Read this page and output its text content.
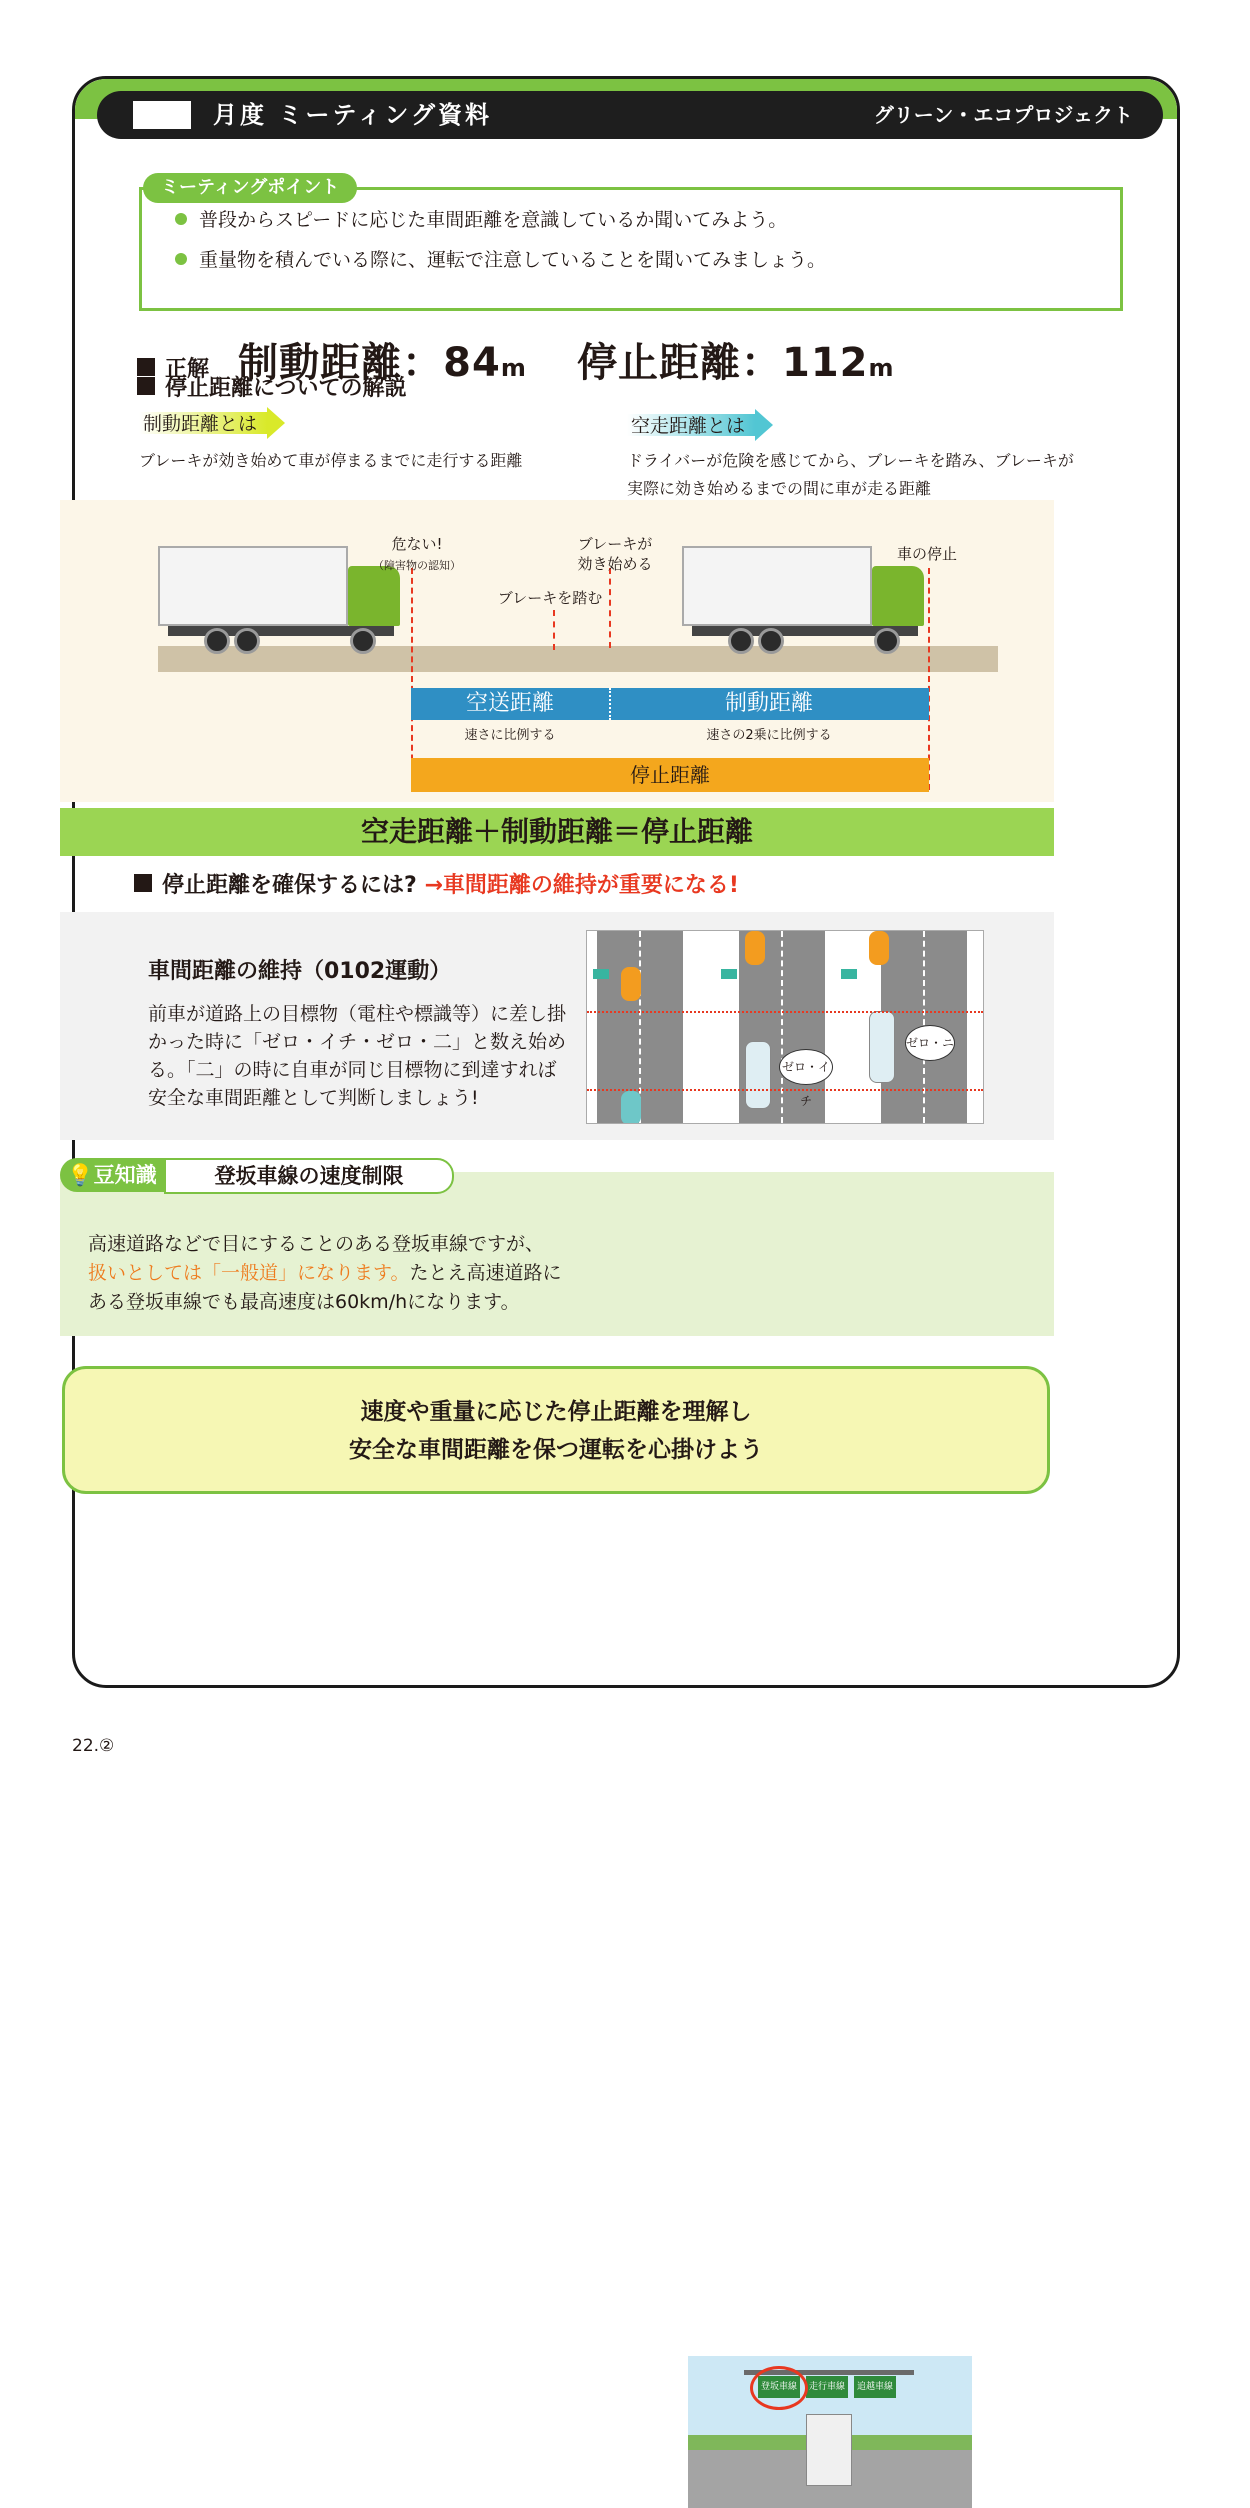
月度 ミーティング資料	グリーン・エコプロジェクト
ミーティングポイント
普段からスピードに応じた車間距離を意識しているか聞いてみよう。
重量物を積んでいる際に、運転で注意していることを聞いてみましょう。
正解 制動距離：84m 停止距離：112m
停止距離についての解説
制動距離とは
ブレーキが効き始めて車が停まるまでに走行する距離
空走距離とは
ドライバーが危険を感じてから、ブレーキを踏み、ブレーキが
実際に効き始めるまでの間に車が走る距離
危ない!
（障害物の認知）
ブレーキを踏む
ブレーキが
効き始める
車の停止
空送距離	制動距離
速さに比例する	速さの2乗に比例する
停止距離
空走距離＋制動距離＝停止距離
停止距離を確保するには? →車間距離の維持が重要になる!
車間距離の維持（0102運動）
前車が道路上の目標物（電柱や標識等）に差し掛かった時に「ゼロ・イチ・ゼロ・二」と数え始める。「二」の時に自車が同じ目標物に到達すれば安全な車間距離として判断しましょう!
ゼロ・イチ
ゼロ・ニ
登坂車線	走行車線	追越車線
💡豆知識	登坂車線の速度制限
高速道路などで目にすることのある登坂車線ですが、
扱いとしては「一般道」になります。たとえ高速道路に
ある登坂車線でも最高速度は60km/hになります。
速度や重量に応じた停止距離を理解し
安全な車間距離を保つ運転を心掛けよう
22.②
